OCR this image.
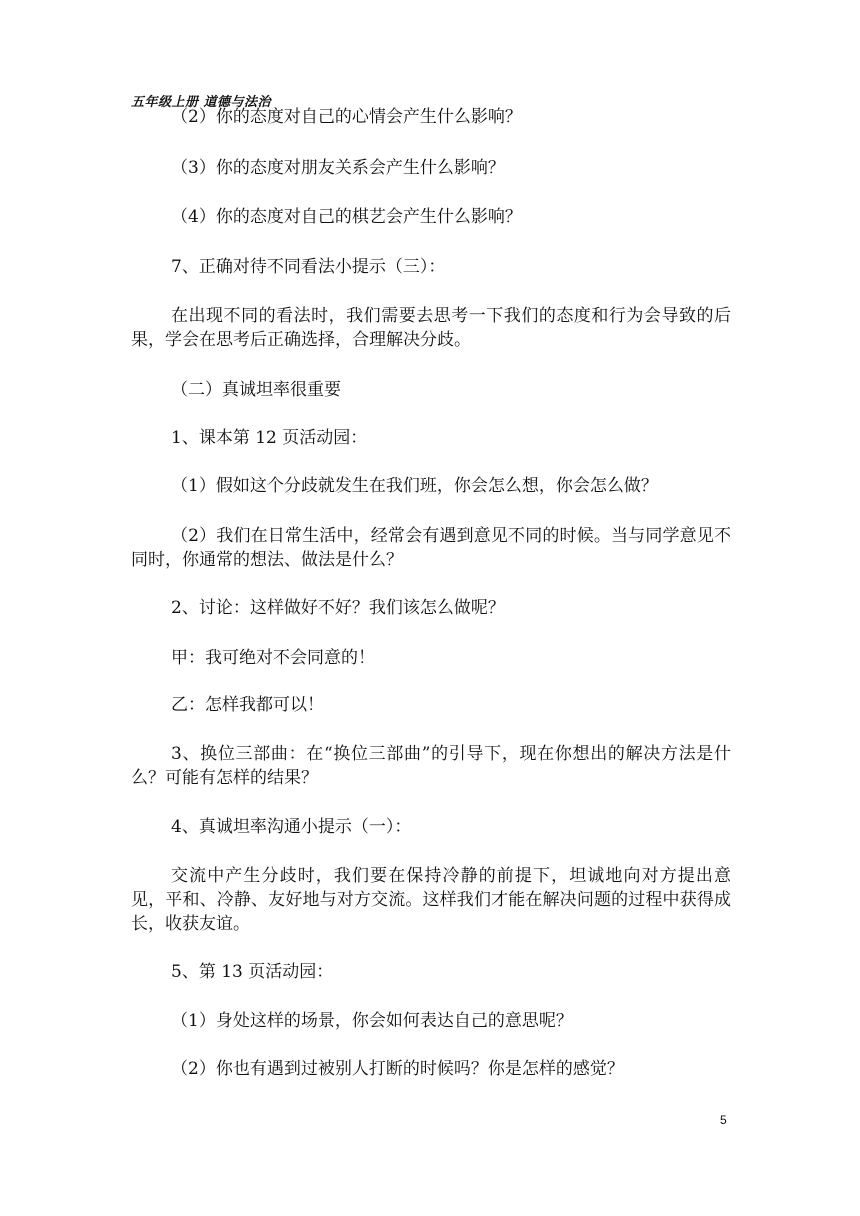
五年级上册 道德与法治
（2）你的态度对自己的心情会产生什么影响？
（3）你的态度对朋友关系会产生什么影响？
（4）你的态度对自己的棋艺会产生什么影响？
7、正确对待不同看法小提示（三）：
在出现不同的看法时，我们需要去思考一下我们的态度和行为会导致的后果，学会在思考后正确选择，合理解决分歧。
（二）真诚坦率很重要
1、课本第 12 页活动园：
（1）假如这个分歧就发生在我们班，你会怎么想，你会怎么做？
（2）我们在日常生活中，经常会有遇到意见不同的时候。当与同学意见不同时，你通常的想法、做法是什么？
2、讨论：这样做好不好？我们该怎么做呢？
甲：我可绝对不会同意的！
乙：怎样我都可以！
3、换位三部曲：在“换位三部曲”的引导下，现在你想出的解决方法是什么？可能有怎样的结果？
4、真诚坦率沟通小提示（一）：
交流中产生分歧时，我们要在保持冷静的前提下，坦诚地向对方提出意见，平和、冷静、友好地与对方交流。这样我们才能在解决问题的过程中获得成长，收获友谊。
5、第 13 页活动园：
（1）身处这样的场景，你会如何表达自己的意思呢？
（2）你也有遇到过被别人打断的时候吗？你是怎样的感觉？
5
